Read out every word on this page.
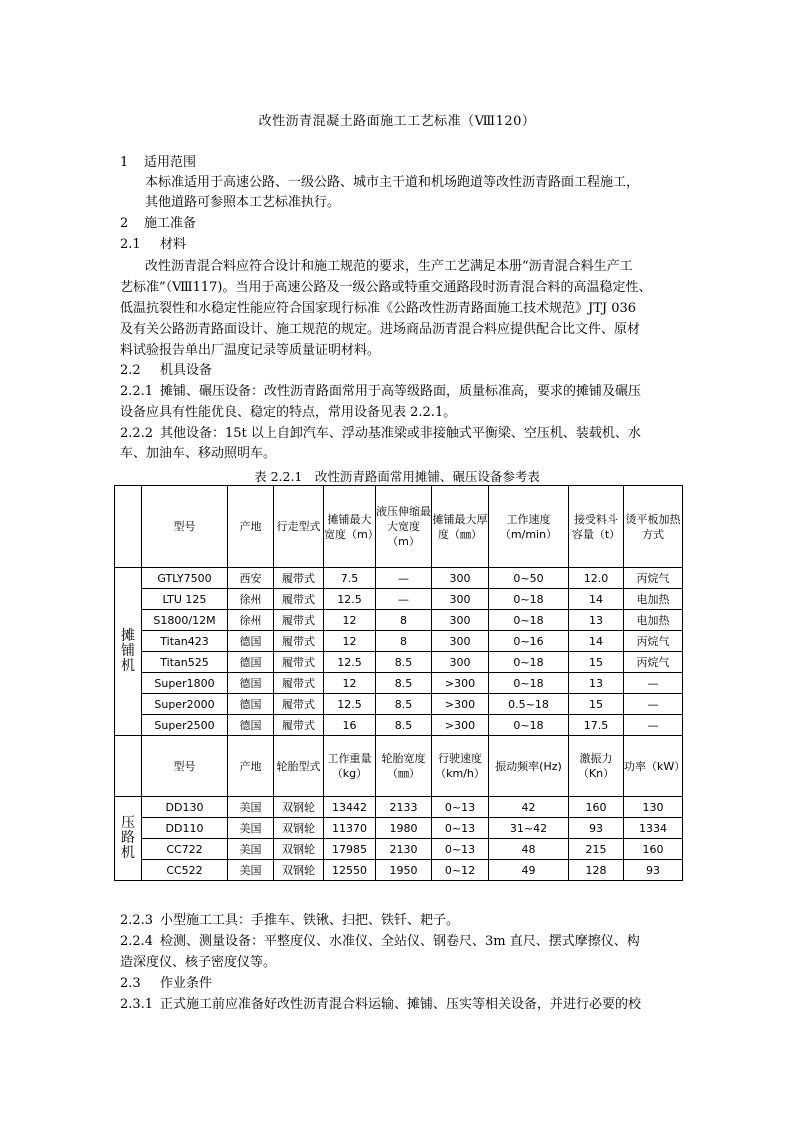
改性沥青混凝土路面施工工艺标准（Ⅷ120）
1 适用范围
本标准适用于高速公路、一级公路、城市主干道和机场跑道等改性沥青路面工程施工，
其他道路可参照本工艺标准执行。
2 施工准备
2.1 材料
改性沥青混合料应符合设计和施工规范的要求，生产工艺满足本册“沥青混合料生产工
艺标准”（Ⅷ117)。当用于高速公路及一级公路或特重交通路段时沥青混合料的高温稳定性、
低温抗裂性和水稳定性能应符合国家现行标准《公路改性沥青路面施工技术规范》JTJ 036
及有关公路沥青路面设计、施工规范的规定。进场商品沥青混合料应提供配合比文件、原材
料试验报告单出厂温度记录等质量证明材料。
2.2 机具设备
2.2.1 摊铺、碾压设备：改性沥青路面常用于高等级路面，质量标准高，要求的摊铺及碾压
设备应具有性能优良、稳定的特点，常用设备见表 2.2.1。
2.2.2 其他设备：15t 以上自卸汽车、浮动基准梁或非接触式平衡梁、空压机、装载机、水
车、加油车、移动照明车。
表 2.2.1　改性沥青路面常用摊铺、碾压设备参考表
	型号	产地	行走型式	摊铺最大宽度（m）	液压伸缩最大宽度（m）	摊铺最大厚度（㎜）	工作速度（m/min）	接受料斗容量（t）	烫平板加热方式
摊铺机	GTLY7500	西安	履带式	7.5	—	300	0~50	12.0	丙烷气
	LTU 125	徐州	履带式	12.5	—	300	0~18	14	电加热
	S1800/12M	徐州	履带式	12	8	300	0~18	13	电加热
	Titan423	德国	履带式	12	8	300	0~16	14	丙烷气
	Titan525	德国	履带式	12.5	8.5	300	0~18	15	丙烷气
	Super1800	德国	履带式	12	8.5	>300	0~18	13	—
	Super2000	德国	履带式	12.5	8.5	>300	0.5~18	15	—
	Super2500	德国	履带式	16	8.5	>300	0~18	17.5	—
	型号	产地	轮胎型式	工作重量（kg）	轮胎宽度（㎜）	行驶速度（km/h）	振动频率(Hz)	激振力（Kn）	功率（kW）
压路机	DD130	美国	双钢轮	13442	2133	0~13	42	160	130
	DD110	美国	双钢轮	11370	1980	0~13	31~42	93	1334
	CC722	美国	双钢轮	17985	2130	0~13	48	215	160
	CC522	美国	双钢轮	12550	1950	0~12	49	128	93
2.2.3 小型施工工具：手推车、铁锹、扫把、铁钎、耙子。
2.2.4 检测、测量设备：平整度仪、水准仪、全站仪、钢卷尺、3m 直尺、摆式摩擦仪、构
造深度仪、核子密度仪等。
2.3 作业条件
2.3.1 正式施工前应准备好改性沥青混合料运输、摊铺、压实等相关设备，并进行必要的校
